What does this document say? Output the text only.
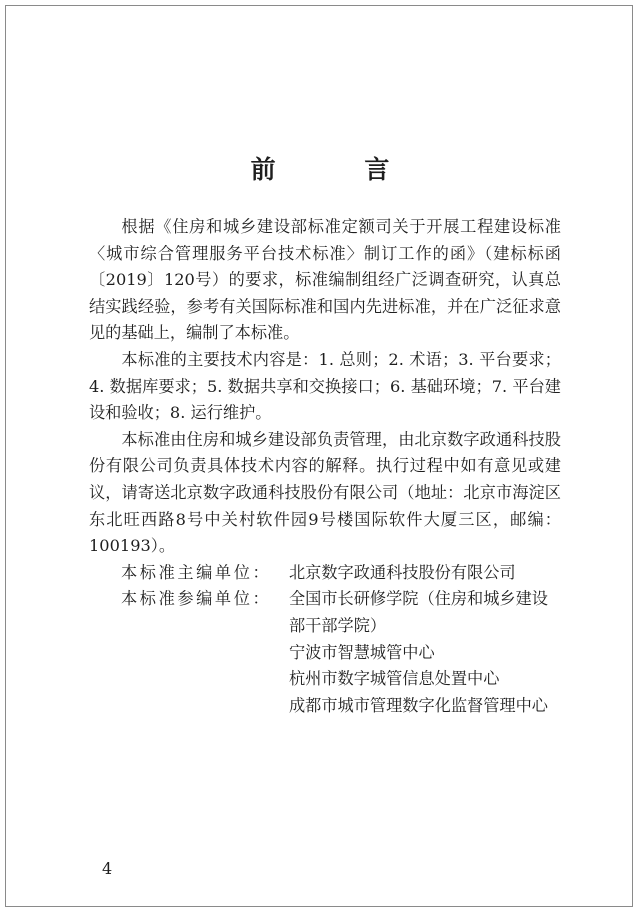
前 言

根据《住房和城乡建设部标准定额司关于开展工程建设标准〈城市综合管理服务平台技术标准〉制订工作的函》（建标标函〔2019〕120号）的要求，标准编制组经广泛调查研究，认真总结实践经验，参考有关国际标准和国内先进标准，并在广泛征求意见的基础上，编制了本标准。

本标准的主要技术内容是：1. 总则；2. 术语；3. 平台要求；4. 数据库要求；5. 数据共享和交换接口；6. 基础环境；7. 平台建设和验收；8. 运行维护。

本标准由住房和城乡建设部负责管理，由北京数字政通科技股份有限公司负责具体技术内容的解释。执行过程中如有意见或建议，请寄送北京数字政通科技股份有限公司（地址：北京市海淀区东北旺西路8号中关村软件园9号楼国际软件大厦三区，邮编：100193）。

本标准主编单位：	北京数字政通科技股份有限公司
本标准参编单位：	全国市长研修学院（住房和城乡建设部干部学院）
宁波市智慧城管中心
杭州市数字城管信息处置中心
成都市城市管理数字化监督管理中心
4
